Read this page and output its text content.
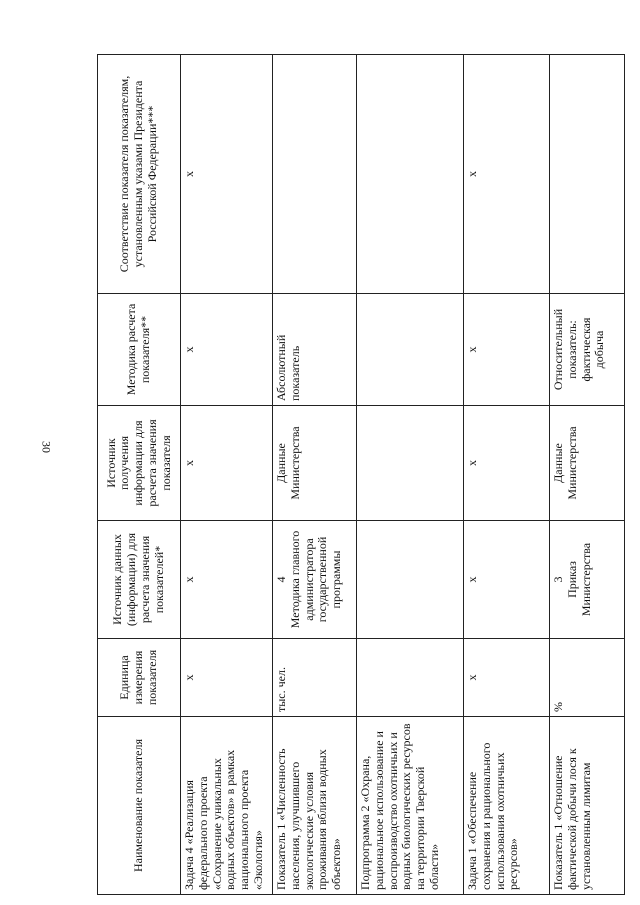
30
Наименование показателя	Единица измерения показателя	Источник данных (информации) для расчета значения показателей*	Источник получения информации для расчета значения показателя	Методика расчета показателя**	Соответствие показателя показателям, установленным указами Президента Российской Федерации***
Задача 4 «Реализация федерального проекта «Сохранение уникальных водных объектов» в рамках национального проекта «Экология»	х	х	х	х	х
Показатель 1 «Численность населения, улучшившего экологические условия проживания вблизи водных объектов»	тыс. чел.	4 Методика главного администратора государственной программы	Данные Министерства	Абсолютный показатель	
Подпрограмма 2 «Охрана, рациональное использование и воспроизводство охотничьих и водных биологических ресурсов на территории Тверской области»		

Задача 1 «Обеспечение сохранения и рационального использования охотничьих ресурсов»	х	х	х	х	х
Показатель 1 «Отношение фактической добычи лося к установленным лимитам	%	3 Приказ Министерства	Данные Министерства	Относительный показатель: фактическая добыча	
